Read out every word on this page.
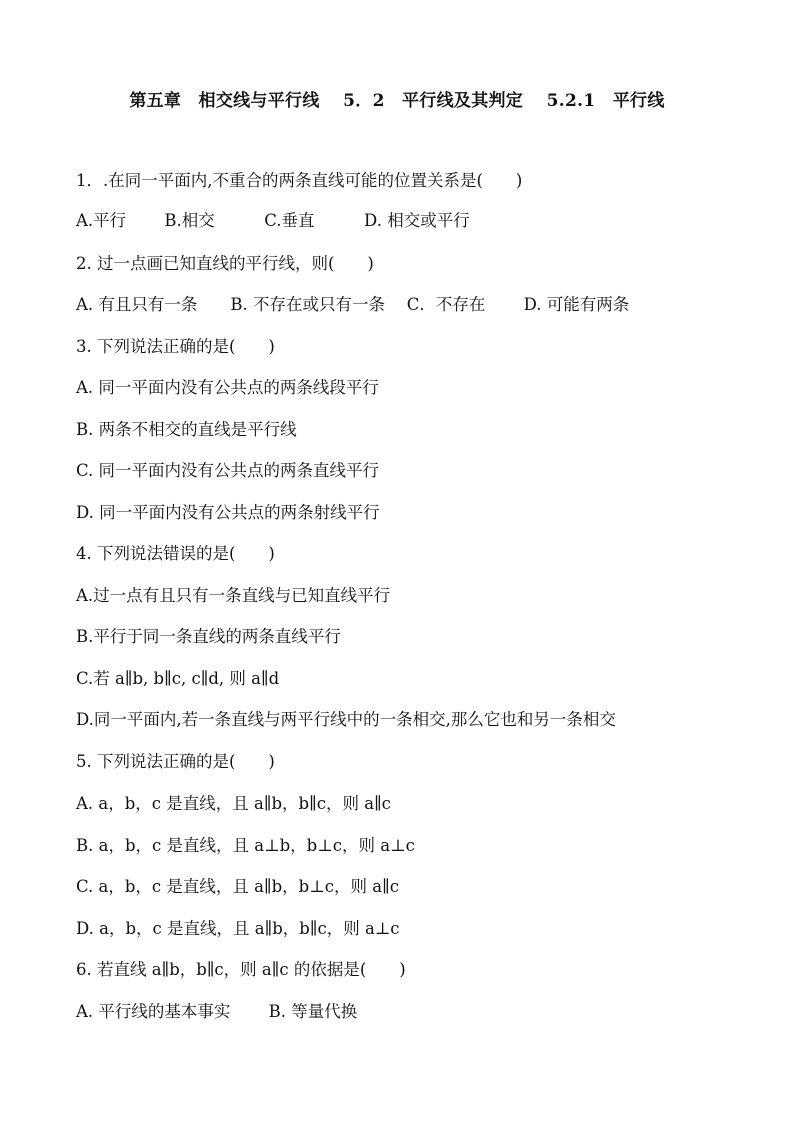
第五章　相交线与平行线　 5．2　平行线及其判定　 5.2.1　平行线
1．.在同一平面内,不重合的两条直线可能的位置关系是(　　)
A.平行　　 B.相交　　　C.垂直　　　D. 相交或平行
2. 过一点画已知直线的平行线，则(　　)
A. 有且只有一条　　B. 不存在或只有一条　 C．不存在　　 D. 可能有两条
3. 下列说法正确的是(　　)
A. 同一平面内没有公共点的两条线段平行
B. 两条不相交的直线是平行线
C. 同一平面内没有公共点的两条直线平行
D. 同一平面内没有公共点的两条射线平行
4. 下列说法错误的是(　　)
A.过一点有且只有一条直线与已知直线平行
B.平行于同一条直线的两条直线平行
C.若 a∥b, b∥c, c∥d, 则 a∥d
D.同一平面内,若一条直线与两平行线中的一条相交,那么它也和另一条相交
5. 下列说法正确的是(　　)
A. a，b，c 是直线，且 a∥b，b∥c，则 a∥c
B. a，b，c 是直线，且 a⊥b，b⊥c，则 a⊥c
C. a，b，c 是直线，且 a∥b，b⊥c，则 a∥c
D. a，b，c 是直线，且 a∥b，b∥c，则 a⊥c
6. 若直线 a∥b，b∥c，则 a∥c 的依据是(　　)
A. 平行线的基本事实　　 B. 等量代换
